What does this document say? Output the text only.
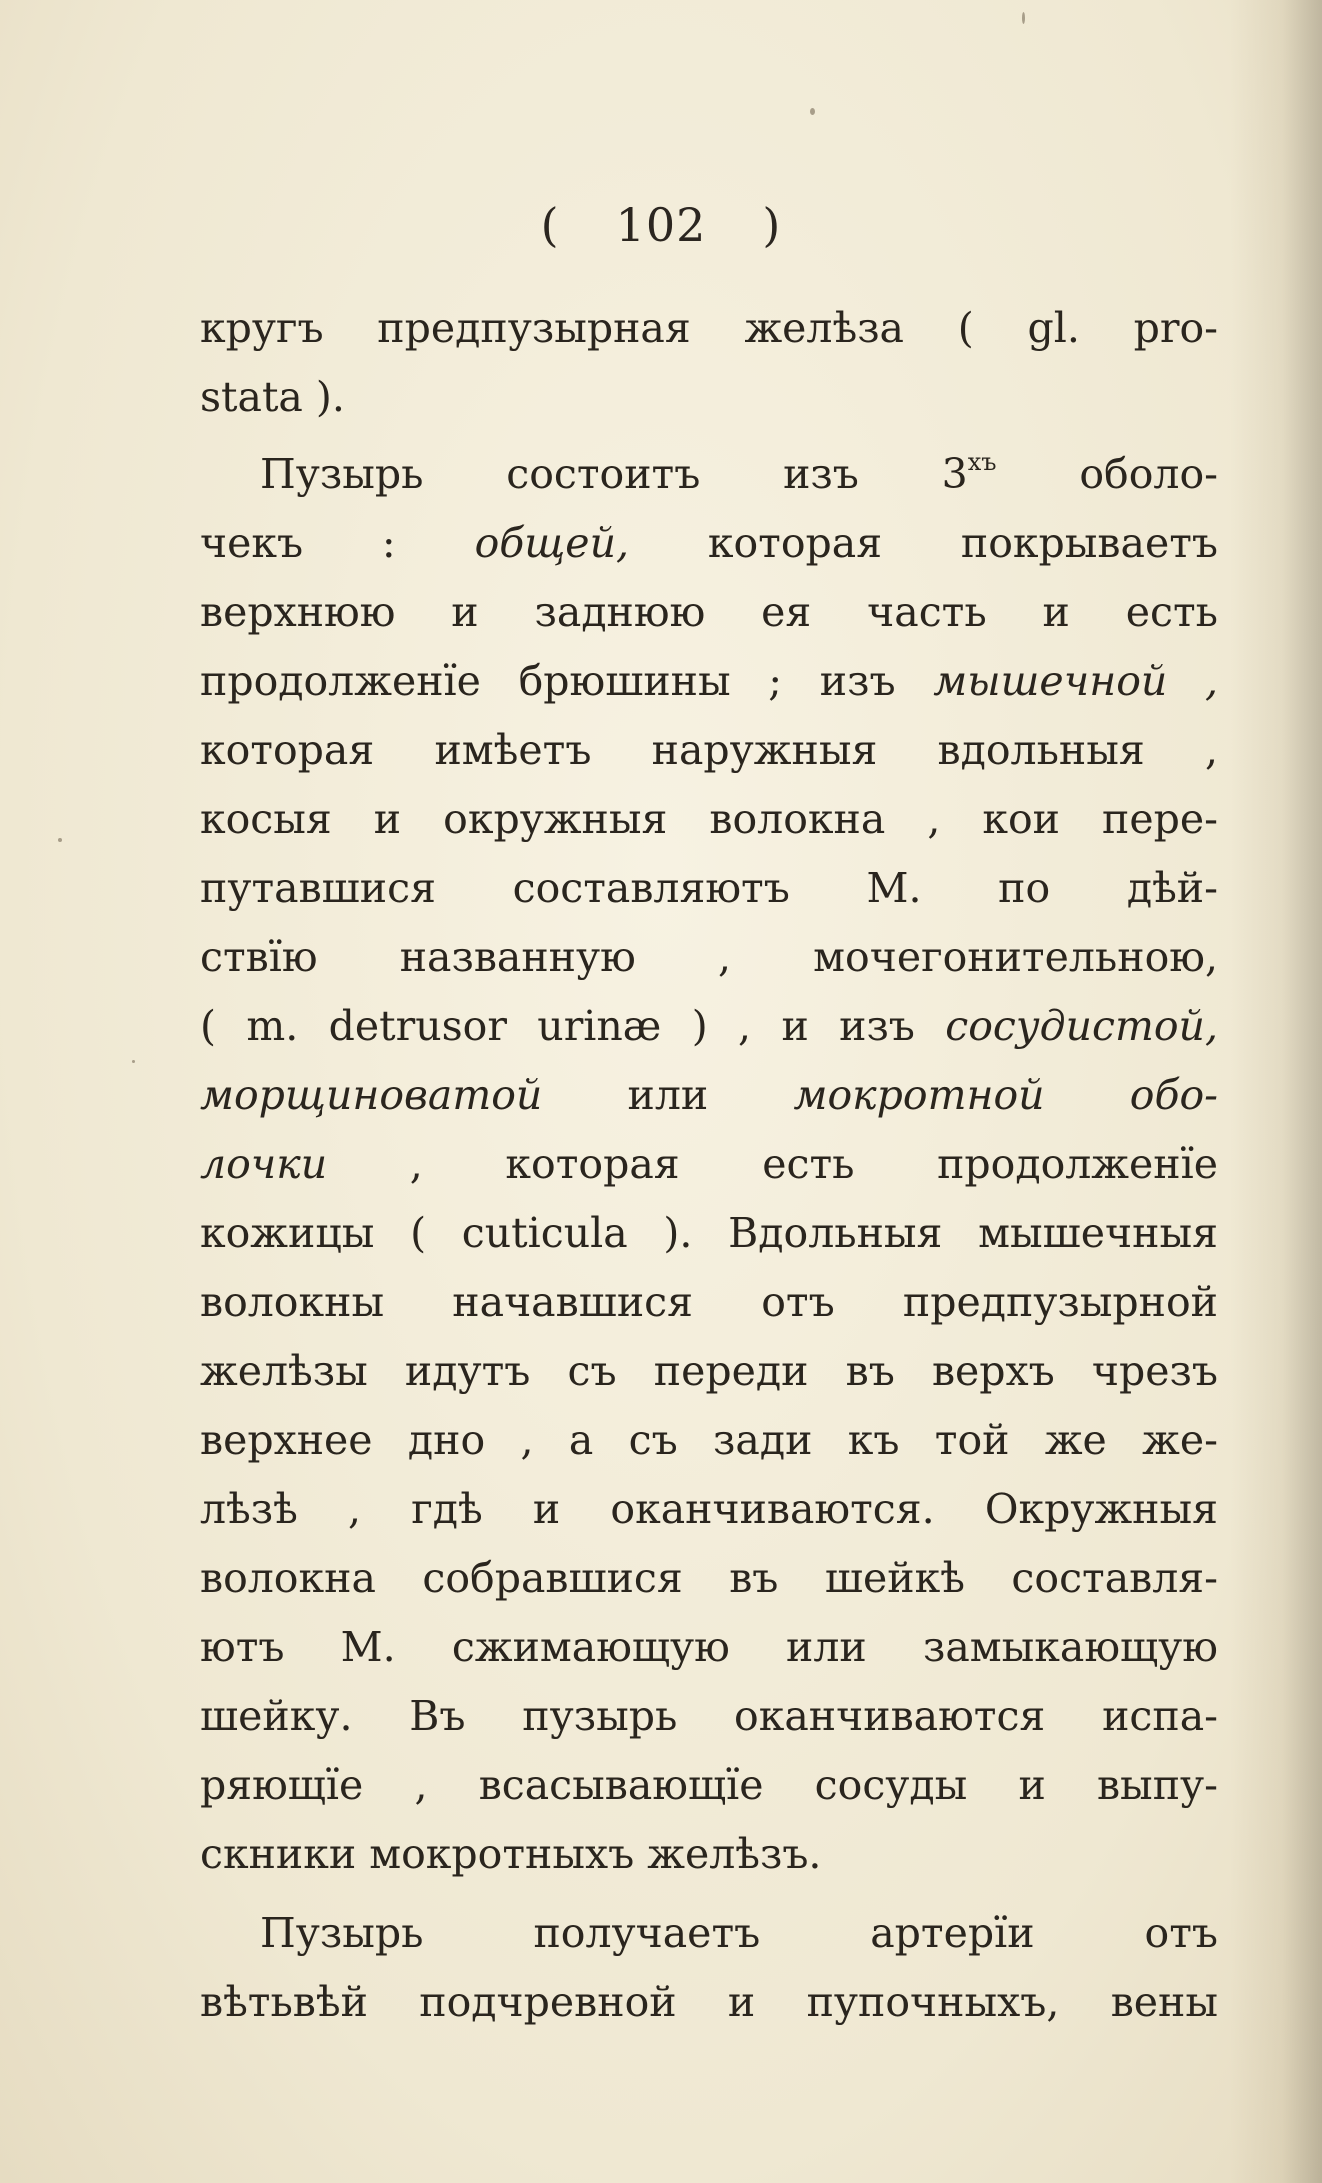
( 102 )
кругъ предпузырная желѣза ( gl. pro-
stata ).
Пузырь состоитъ изъ $3^{хъ}$ оболо-
чекъ : общей, которая покрываетъ
верхнюю и заднюю ея часть и есть
продолженїе брюшины ; изъ мышечной ,
которая имѣетъ наружныя вдольныя ,
косыя и окружныя волокна , кои пере-
путавшися составляютъ М. по дѣй-
ствїю названную , мочегонительною,
( m. detrusor urinæ ) , и изъ сосудистой,
морщиноватой или мокротной обо-
лочки , которая есть продолженїе
кожицы ( cuticula ). Вдольныя мышечныя
волокны начавшися отъ предпузырной
желѣзы идутъ съ переди въ верхъ чрезъ
верхнее дно , а съ зади къ той же же-
лѣзѣ , гдѣ и оканчиваются. Окружныя
волокна собравшися въ шейкѣ составля-
ютъ М. сжимающую или замыкающую
шейку. Въ пузырь оканчиваются испа-
ряющїе , всасывающїе сосуды и выпу-
скники мокротныхъ желѣзъ.
Пузырь получаетъ артерїи отъ
вѣтьвѣй подчревной и пупочныхъ, вены
